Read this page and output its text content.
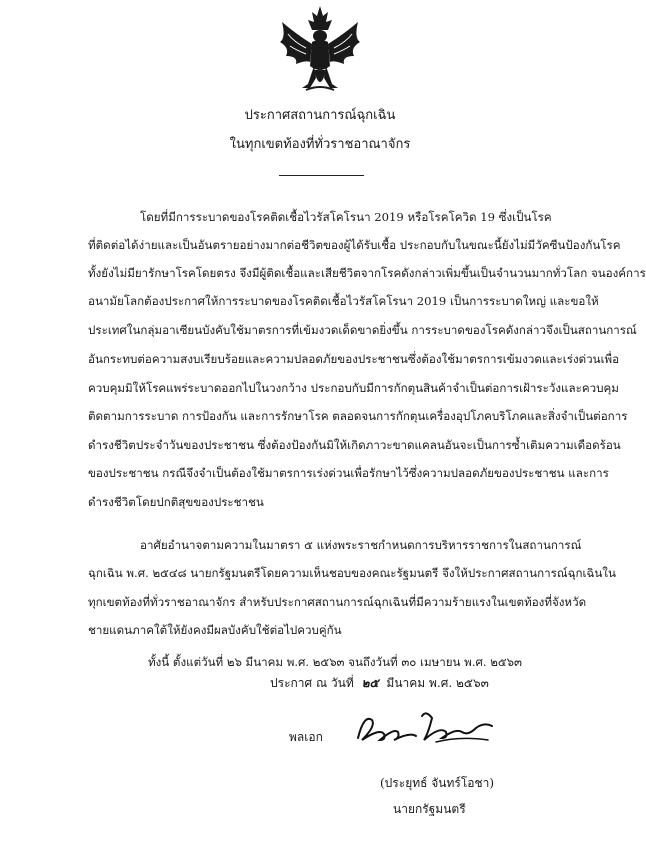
ประกาศสถานการณ์ฉุกเฉิน
ในทุกเขตท้องที่ทั่วราชอาณาจักร
โดยที่มีการระบาดของโรคติดเชื้อไวรัสโคโรนา 2019 หรือโรคโควิด 19 ซึ่งเป็นโรค
ที่ติดต่อได้ง่ายและเป็นอันตรายอย่างมากต่อชีวิตของผู้ได้รับเชื้อ ประกอบกับในขณะนี้ยังไม่มีวัคซีนป้องกันโรค
ทั้งยังไม่มียารักษาโรคโดยตรง จึงมีผู้ติดเชื้อและเสียชีวิตจากโรคดังกล่าวเพิ่มขึ้นเป็นจำนวนมากทั่วโลก จนองค์การ
อนามัยโลกต้องประกาศให้การระบาดของโรคติดเชื้อไวรัสโคโรนา 2019 เป็นการระบาดใหญ่ และขอให้
ประเทศในกลุ่มอาเซียนบังคับใช้มาตรการที่เข้มงวดเด็ดขาดยิ่งขึ้น การระบาดของโรคดังกล่าวจึงเป็นสถานการณ์
อันกระทบต่อความสงบเรียบร้อยและความปลอดภัยของประชาชนซึ่งต้องใช้มาตรการเข้มงวดและเร่งด่วนเพื่อ
ควบคุมมิให้โรคแพร่ระบาดออกไปในวงกว้าง ประกอบกับมีการกักตุนสินค้าจำเป็นต่อการเฝ้าระวังและควบคุม
ติดตามการระบาด การป้องกัน และการรักษาโรค ตลอดจนการกักตุนเครื่องอุปโภคบริโภคและสิ่งจำเป็นต่อการ
ดำรงชีวิตประจำวันของประชาชน ซึ่งต้องป้องกันมิให้เกิดภาวะขาดแคลนอันจะเป็นการซ้ำเติมความเดือดร้อน
ของประชาชน กรณีจึงจำเป็นต้องใช้มาตรการเร่งด่วนเพื่อรักษาไว้ซึ่งความปลอดภัยของประชาชน และการ
ดำรงชีวิตโดยปกติสุขของประชาชน
อาศัยอำนาจตามความในมาตรา ๕ แห่งพระราชกำหนดการบริหารราชการในสถานการณ์
ฉุกเฉิน พ.ศ. ๒๕๔๘ นายกรัฐมนตรีโดยความเห็นชอบของคณะรัฐมนตรี จึงให้ประกาศสถานการณ์ฉุกเฉินใน
ทุกเขตท้องที่ทั่วราชอาณาจักร สำหรับประกาศสถานการณ์ฉุกเฉินที่มีความร้ายแรงในเขตท้องที่จังหวัด
ชายแดนภาคใต้ให้ยังคงมีผลบังคับใช้ต่อไปควบคู่กัน
ทั้งนี้ ตั้งแต่วันที่ ๒๖ มีนาคม พ.ศ. ๒๕๖๓ จนถึงวันที่ ๓๐ เมษายน พ.ศ. ๒๕๖๓
ประกาศ ณ วันที่ ๒๕ มีนาคม พ.ศ. ๒๕๖๓
พลเอก
(ประยุทธ์ จันทร์โอชา)
นายกรัฐมนตรี
